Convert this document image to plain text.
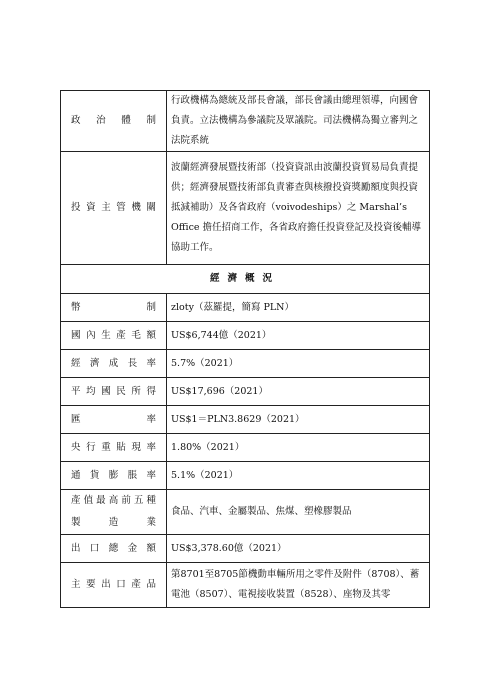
政治體制	行政機構為總統及部長會議，部長會議由總理領導，向國會負責。立法機構為參議院及眾議院。司法機構為獨立審判之法院系統

投資主管機關	波蘭經濟發展暨技術部（投資資訊由波蘭投資貿易局負責提供；經濟發展暨技術部負責審查與核撥投資獎勵額度與投資抵減補助）及各省政府（voivodeships）之 Marshal’s Office 擔任招商工作，各省政府擔任投資登記及投資後輔導協助工作。
經濟概況	

幣制	zloty（茲羅提，簡寫 PLN）

國內生產毛額	US$6,744億（2021）

經濟成長率	5.7%（2021）

平均國民所得	US$17,696（2021）

匯率	US$1＝PLN3.8629（2021）

央行重貼現率	1.80%（2021）

通貨膨脹率	5.1%（2021）

產值最高前五種
製造業	食品、汽車、金屬製品、焦煤、塑橡膠製品

出口總金額	US$3,378.60億（2021）

主要出口產品	第8701至8705節機動車輛所用之零件及附件（8708）、蓄電池（8507）、電視接收裝置（8528）、座物及其零
